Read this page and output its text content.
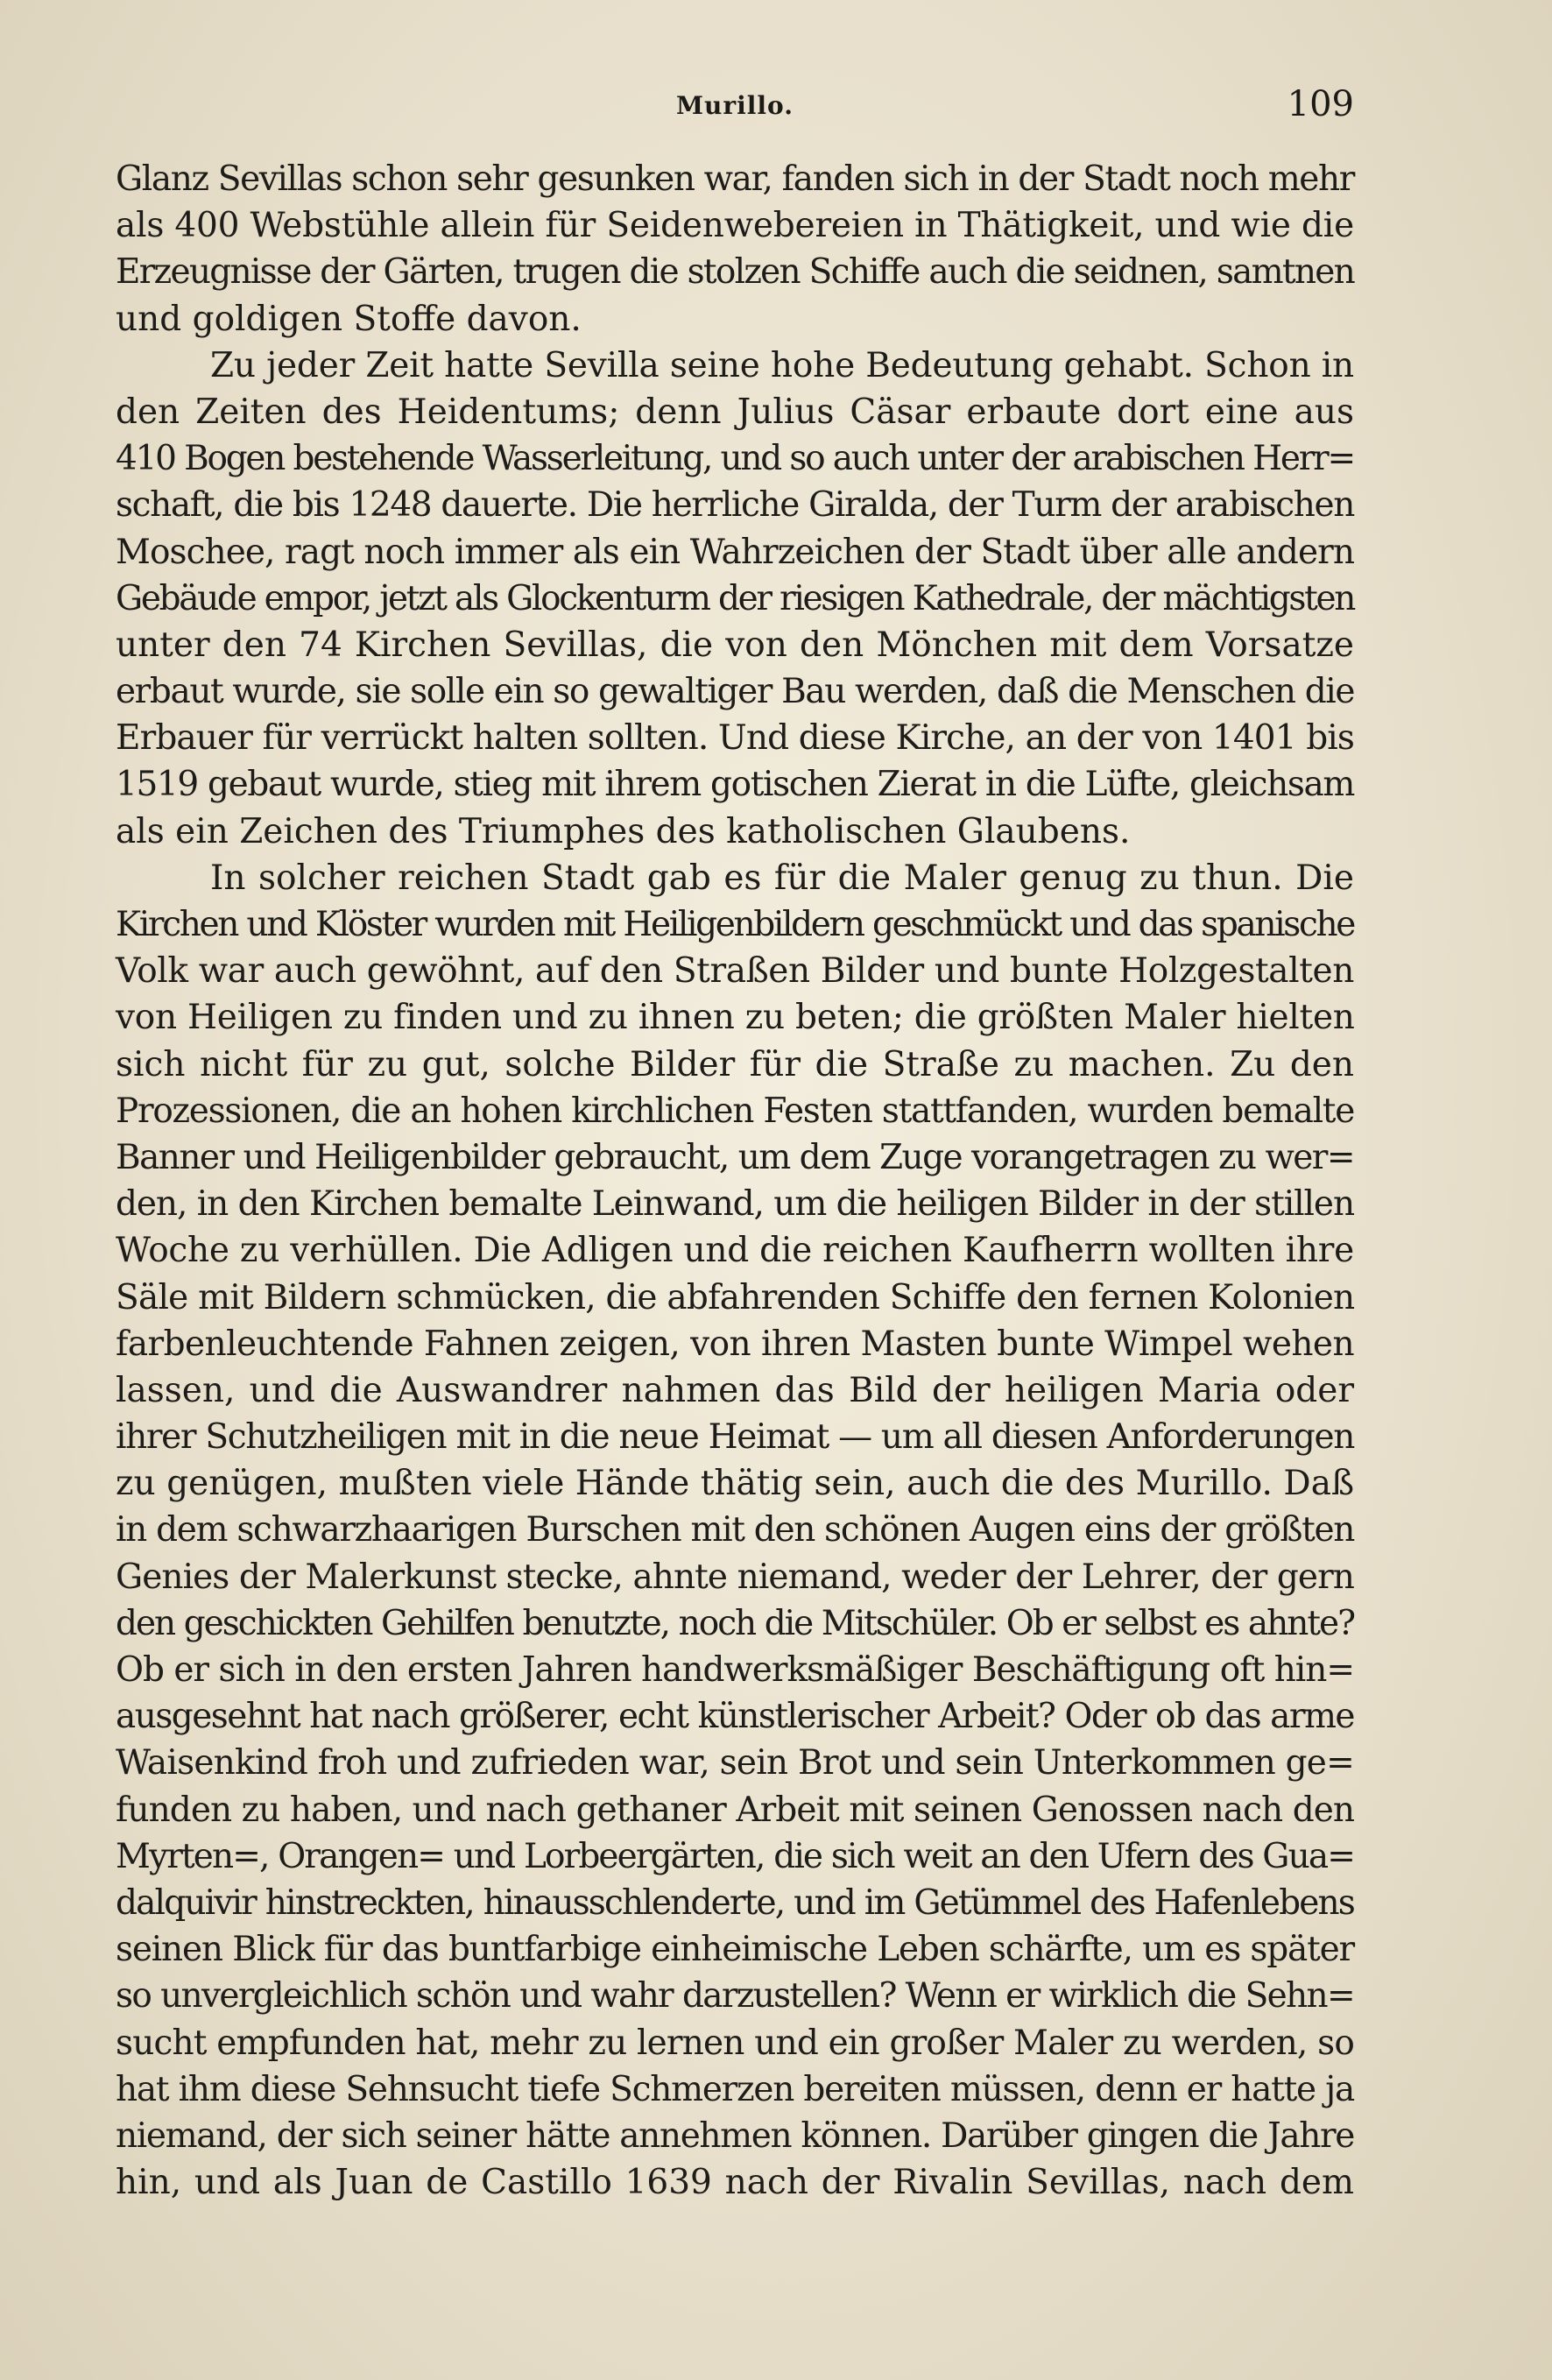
Murillo.	109
Glanz Sevillas schon sehr gesunken war, fanden sich in der Stadt noch mehr
als 400 Webstühle allein für Seidenwebereien in Thätigkeit, und wie die
Erzeugnisse der Gärten, trugen die stolzen Schiffe auch die seidnen, samtnen
und goldigen Stoffe davon.
Zu jeder Zeit hatte Sevilla seine hohe Bedeutung gehabt. Schon in
den Zeiten des Heidentums; denn Julius Cäsar erbaute dort eine aus
410 Bogen bestehende Wasserleitung, und so auch unter der arabischen Herr=
schaft, die bis 1248 dauerte. Die herrliche Giralda, der Turm der arabischen
Moschee, ragt noch immer als ein Wahrzeichen der Stadt über alle andern
Gebäude empor, jetzt als Glockenturm der riesigen Kathedrale, der mächtigsten
unter den 74 Kirchen Sevillas, die von den Mönchen mit dem Vorsatze
erbaut wurde, sie solle ein so gewaltiger Bau werden, daß die Menschen die
Erbauer für verrückt halten sollten. Und diese Kirche, an der von 1401 bis
1519 gebaut wurde, stieg mit ihrem gotischen Zierat in die Lüfte, gleichsam
als ein Zeichen des Triumphes des katholischen Glaubens.
In solcher reichen Stadt gab es für die Maler genug zu thun. Die
Kirchen und Klöster wurden mit Heiligenbildern geschmückt und das spanische
Volk war auch gewöhnt, auf den Straßen Bilder und bunte Holzgestalten
von Heiligen zu finden und zu ihnen zu beten; die größten Maler hielten
sich nicht für zu gut, solche Bilder für die Straße zu machen. Zu den
Prozessionen, die an hohen kirchlichen Festen stattfanden, wurden bemalte
Banner und Heiligenbilder gebraucht, um dem Zuge vorangetragen zu wer=
den, in den Kirchen bemalte Leinwand, um die heiligen Bilder in der stillen
Woche zu verhüllen. Die Adligen und die reichen Kaufherrn wollten ihre
Säle mit Bildern schmücken, die abfahrenden Schiffe den fernen Kolonien
farbenleuchtende Fahnen zeigen, von ihren Masten bunte Wimpel wehen
lassen, und die Auswandrer nahmen das Bild der heiligen Maria oder
ihrer Schutzheiligen mit in die neue Heimat — um all diesen Anforderungen
zu genügen, mußten viele Hände thätig sein, auch die des Murillo. Daß
in dem schwarzhaarigen Burschen mit den schönen Augen eins der größten
Genies der Malerkunst stecke, ahnte niemand, weder der Lehrer, der gern
den geschickten Gehilfen benutzte, noch die Mitschüler. Ob er selbst es ahnte?
Ob er sich in den ersten Jahren handwerksmäßiger Beschäftigung oft hin=
ausgesehnt hat nach größerer, echt künstlerischer Arbeit? Oder ob das arme
Waisenkind froh und zufrieden war, sein Brot und sein Unterkommen ge=
funden zu haben, und nach gethaner Arbeit mit seinen Genossen nach den
Myrten=, Orangen= und Lorbeergärten, die sich weit an den Ufern des Gua=
dalquivir hinstreckten, hinausschlenderte, und im Getümmel des Hafenlebens
seinen Blick für das buntfarbige einheimische Leben schärfte, um es später
so unvergleichlich schön und wahr darzustellen? Wenn er wirklich die Sehn=
sucht empfunden hat, mehr zu lernen und ein großer Maler zu werden, so
hat ihm diese Sehnsucht tiefe Schmerzen bereiten müssen, denn er hatte ja
niemand, der sich seiner hätte annehmen können. Darüber gingen die Jahre
hin, und als Juan de Castillo 1639 nach der Rivalin Sevillas, nach dem
